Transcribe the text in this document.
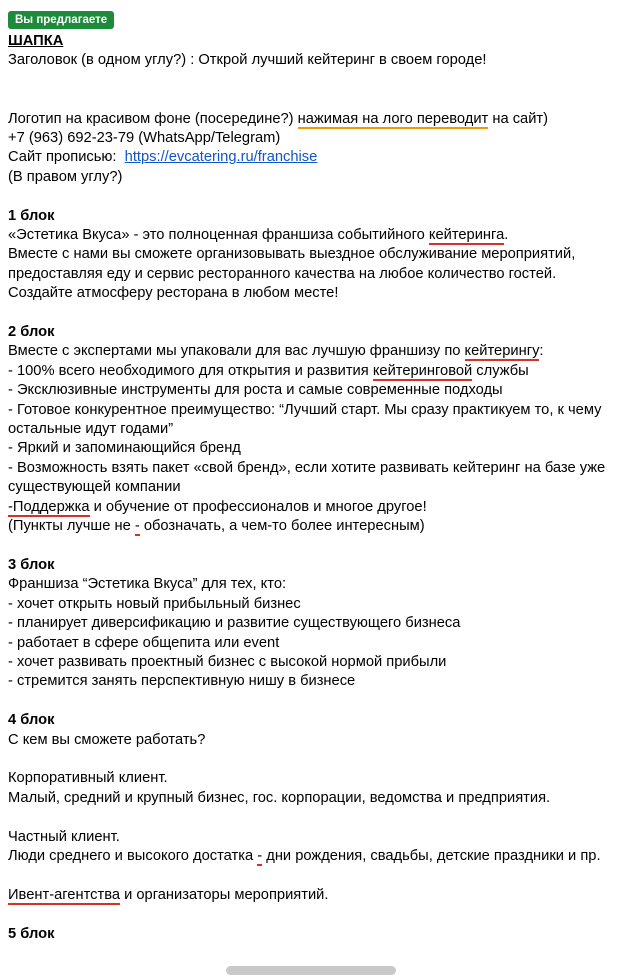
Вы предлагаете

ШАПКА

Заголовок (в одном углу?) : Открой лучший кейтеринг в своем городе!

Логотип на красивом фоне (посередине?) нажимая на лого переводит на сайт)

+7 (963) 692-23-79 (WhatsApp/Telegram)

Сайт прописью:  https://evcatering.ru/franchise

(В правом углу?)

1 блок

«Эстетика Вкуса» - это полноценная франшиза событийного кейтеринга.

Вместе с нами вы сможете организовывать выездное обслуживание мероприятий, предоставляя еду и сервис ресторанного качества на любое количество гостей.

Создайте атмосферу ресторана в любом месте!

2 блок

Вместе с экспертами мы упаковали для вас лучшую франшизу по кейтерингу:

- 100% всего необходимого для открытия и развития кейтеринговой службы

- Эксклюзивные инструменты для роста и самые современные подходы

- Готовое конкурентное преимущество: “Лучший старт. Мы сразу практикуем то, к чему остальные идут годами”

- Яркий и запоминающийся бренд

- Возможность взять пакет «свой бренд», если хотите развивать кейтеринг на базе уже существующей компании

-Поддержка и обучение от профессионалов и многое другое!

(Пункты лучше не - обозначать, а чем-то более интересным)

3 блок

Франшиза “Эстетика Вкуса” для тех, кто:

- хочет открыть новый прибыльный бизнес

- планирует диверсификацию и развитие существующего бизнеса

- работает в сфере общепита или event

- хочет развивать проектный бизнес с высокой нормой прибыли

- стремится занять перспективную нишу в бизнесе

4 блок

С кем вы сможете работать?

Корпоративный клиент.

Малый, средний и крупный бизнес, гос. корпорации, ведомства и предприятия.

Частный клиент.

Люди среднего и высокого достатка - дни рождения, свадьбы, детские праздники и пр.

Ивент-агентства и организаторы мероприятий.

5 блок
